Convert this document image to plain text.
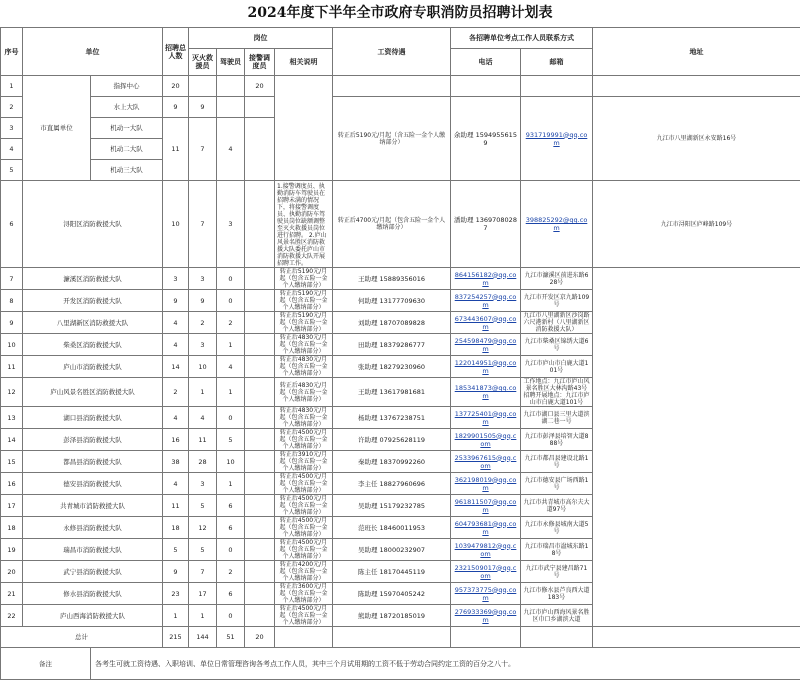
2024年度下半年全市政府专职消防员招聘计划表
序号	单位		招聘总人数	岗位				工资待遇	各招聘单位考点工作人员联系方式		地址
				灭火救援员	驾驶员	接警调度员	相关说明		电话	邮箱	
1	市直属单位	指挥中心	20			20					
2		水上大队	9	9				转正后5190元/月起（含五险一金个人缴纳部分）	余助理 15949556159	931719991@qq.com	九江市八里湖新区永安路16号
3		机动一大队	11	7	4						
4		机动二大队									
5		机动三大队									
6	浔阳区消防救援大队		10	7	3		1.接警调度员、执勤消防车驾驶员在招聘未满的情况下，将接警调度员、执勤消防车驾驶员岗位缺额调整至灭火救援员岗位进行招聘。 2.庐山风景名胜区消防救援大队委托庐山市消防救援大队开展招聘工作。	转正后4700元/月起（包含五险一金个人缴纳部分）	潘助理 13697080287	398825292@qq.com	九江市浔阳区庐峰路109号
7	濂溪区消防救援大队		3	3	0		转正后5190元/月起（包含五险一金个人缴纳部分）	王助理 15889356016	864156182@qq.com	九江市濂溪区前进东路628号	
8	开发区消防救援大队		9	9	0		转正后5190元/月起（包含五险一金个人缴纳部分）	何助理 13177709630	837254257@qq.com	九江市开发区京九路109号	
9	八里湖新区消防救援大队		4	2	2		转正后5190元/月起（包含五险一金个人缴纳部分）	刘助理 18707089828	673443607@qq.com	九江市八里湖新区沙岗路六尺港新村（八里湖新区消防救援大队）	
10	柴桑区消防救援大队		4	3	1		转正后4830元/月起（包含五险一金个人缴纳部分）	田助理 18379286777	254598479@qq.com	九江市柴桑区锦绣大道6号	
11	庐山市消防救援大队		14	10	4		转正后4830元/月起（包含五险一金个人缴纳部分）	张助理 18279230960	122014951@qq.com	九江市庐山市白鹿大道101号	
12	庐山风景名胜区消防救援大队		2	1	1		转正后4830元/月起（包含五险一金个人缴纳部分）	王助理 13617981681	185341873@qq.com	工作地点：九江市庐山风景名胜区大林沟路43号 招聘开展地点：九江市庐山市白鹿大道101号	
13	湖口县消防救援大队		4	4	0		转正后4830元/月起（包含五险一金个人缴纳部分）	杨助理 13767238751	137725401@qq.com	九江市湖口县三里大道滨湖二巷一号	
14	彭泽县消防救援大队		16	11	5		转正后4500元/月起（包含五险一金个人缴纳部分）	许助理 07925628119	1829901505@qq.com	九江市彭泽县培智大道888号	
15	都昌县消防救援大队		38	28	10		转正后3910元/月起（包含五险一金个人缴纳部分）	秦助理 18370992260	2533967615@qq.com	九江市都昌县建设北路1号	
16	德安县消防救援大队		4	3	1		转正后4500元/月起（包含五险一金个人缴纳部分）	李主任 18827960696	362198019@qq.com	九江市德安县广场西路1号	
17	共青城市消防救援大队		11	5	6		转正后4500元/月起（包含五险一金个人缴纳部分）	吴助理 15179232785	961811507@qq.com	九江市共青城市高尔夫大道97号	
18	永修县消防救援大队		18	12	6		转正后4500元/月起（包含五险一金个人缴纳部分）	范班长 18460011953	604793681@qq.com	九江市永修县城南大道5号	
19	瑞昌市消防救援大队		5	5	0		转正后4500元/月起（包含五险一金个人缴纳部分）	吴助理 18000232907	1039479812@qq.com	九江市瑞昌市湓城东路18号	
20	武宁县消防救援大队		9	7	2		转正后4200元/月起（包含五险一金个人缴纳部分）	陈主任 18170445119	2321509017@qq.com	九江市武宁县建昌路71号	
21	修水县消防救援大队		23	17	6		转正后3600元/月起（包含五险一金个人缴纳部分）	陈助理 15970405242	957373775@qq.com	九江市修水县芦良西大道183号	
22	庐山西海消防救援大队		1	1	0		转正后4500元/月起（包含五险一金个人缴纳部分）	熊助理 18720185019	276933369@qq.com	九江市庐山西海风景名胜区巾口乡湖滨大道	
总计			215	144	51	20					
备注		各考生可就工资待遇、入职培训、单位日常管理咨询各考点工作人员，其中三个月试用期的工资不低于劳动合同约定工资的百分之八十。									
